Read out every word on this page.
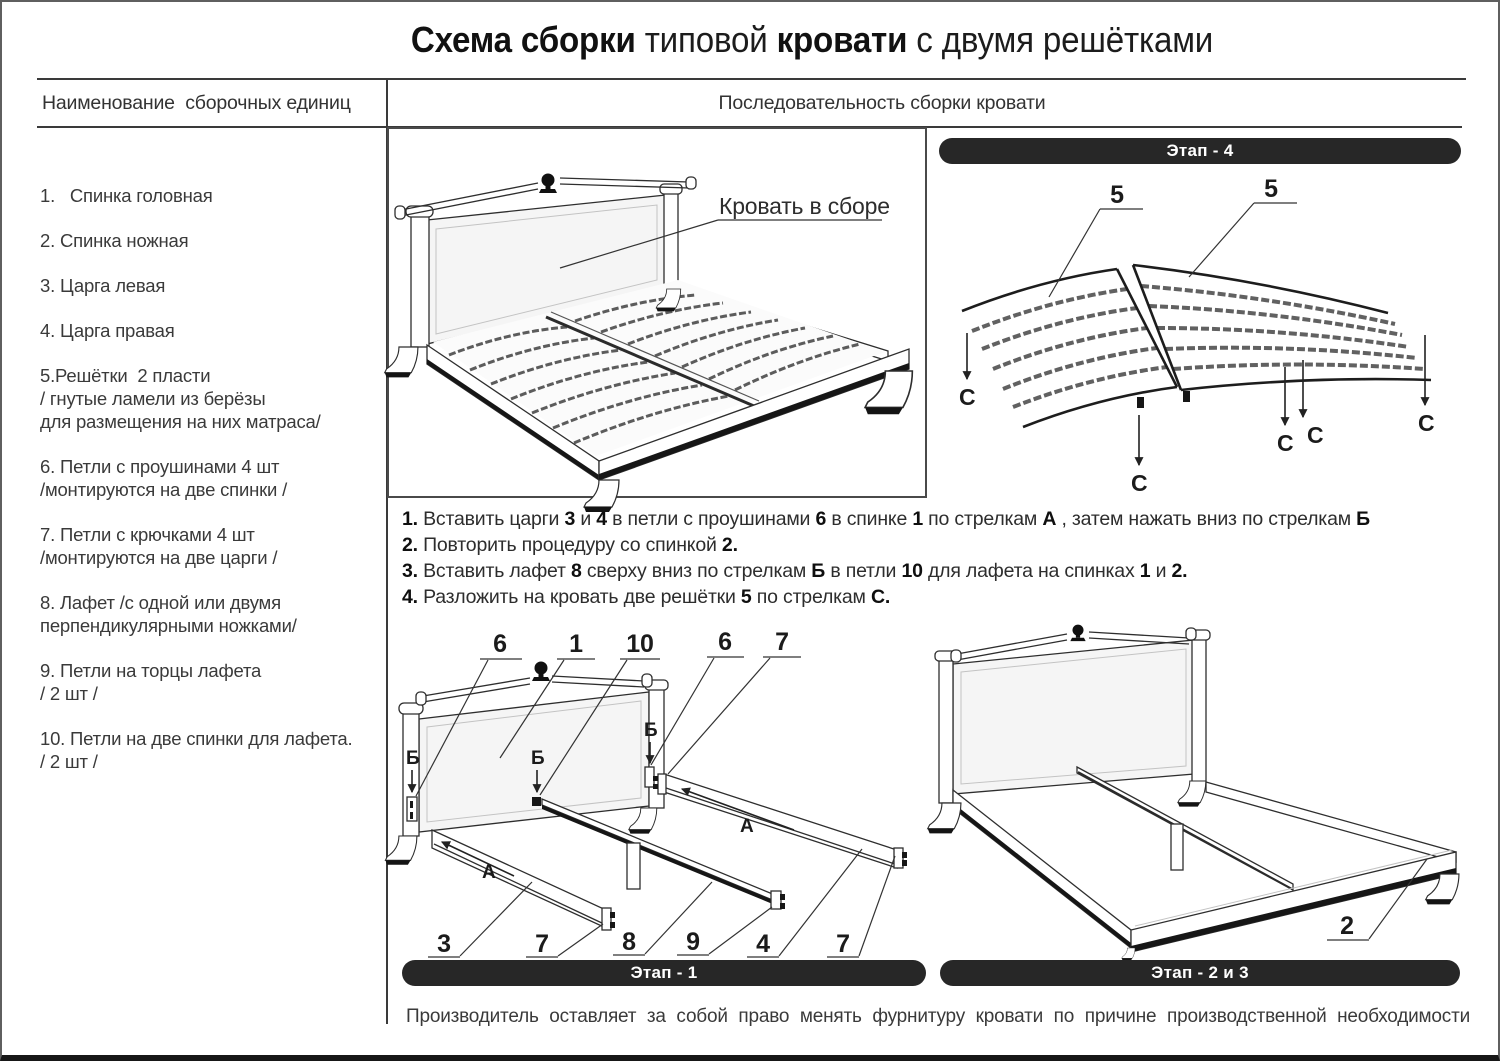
Схема сборки типовой кровати с двумя решётками
Наименование  сборочных единиц	Последовательность сборки кровати
1.   Спинка головная
2. Спинка ножная
3. Царга левая
4. Царга правая
5.Решётки  2 пласти
/ гнутые ламели из берёзы
для размещения на них матраса/
6. Петли с проушинами 4 шт
/монтируются на две спинки /
7. Петли с крючками 4 шт
/монтируются на две царги /
8. Лафет /с одной или двумя
перпендикулярными ножками/
9. Петли на торцы лафета
/ 2 шт /
10. Петли на две спинки для лафета.
/ 2 шт /
Кровать в сборе
Этап - 4
5	5
С
С
С С	С
1. Вставить царги 3 и 4 в петли с проушинами 6 в спинке 1 по стрелкам А , затем нажать вниз по стрелкам Б
2. Повторить процедуру со спинкой 2.
3. Вставить лафет 8 сверху вниз по стрелкам Б в петли 10 для лафета на спинках 1 и 2.
4. Разложить на кровать две решётки 5 по стрелкам С.
А
А
Б	Б
Б
6 1 10	6 7
3	7	8 9 4	7
Этап - 1
2
Этап - 2 и 3
Производитель оставляет за собой право менять фурнитуру кровати по причине производственной необходимости
